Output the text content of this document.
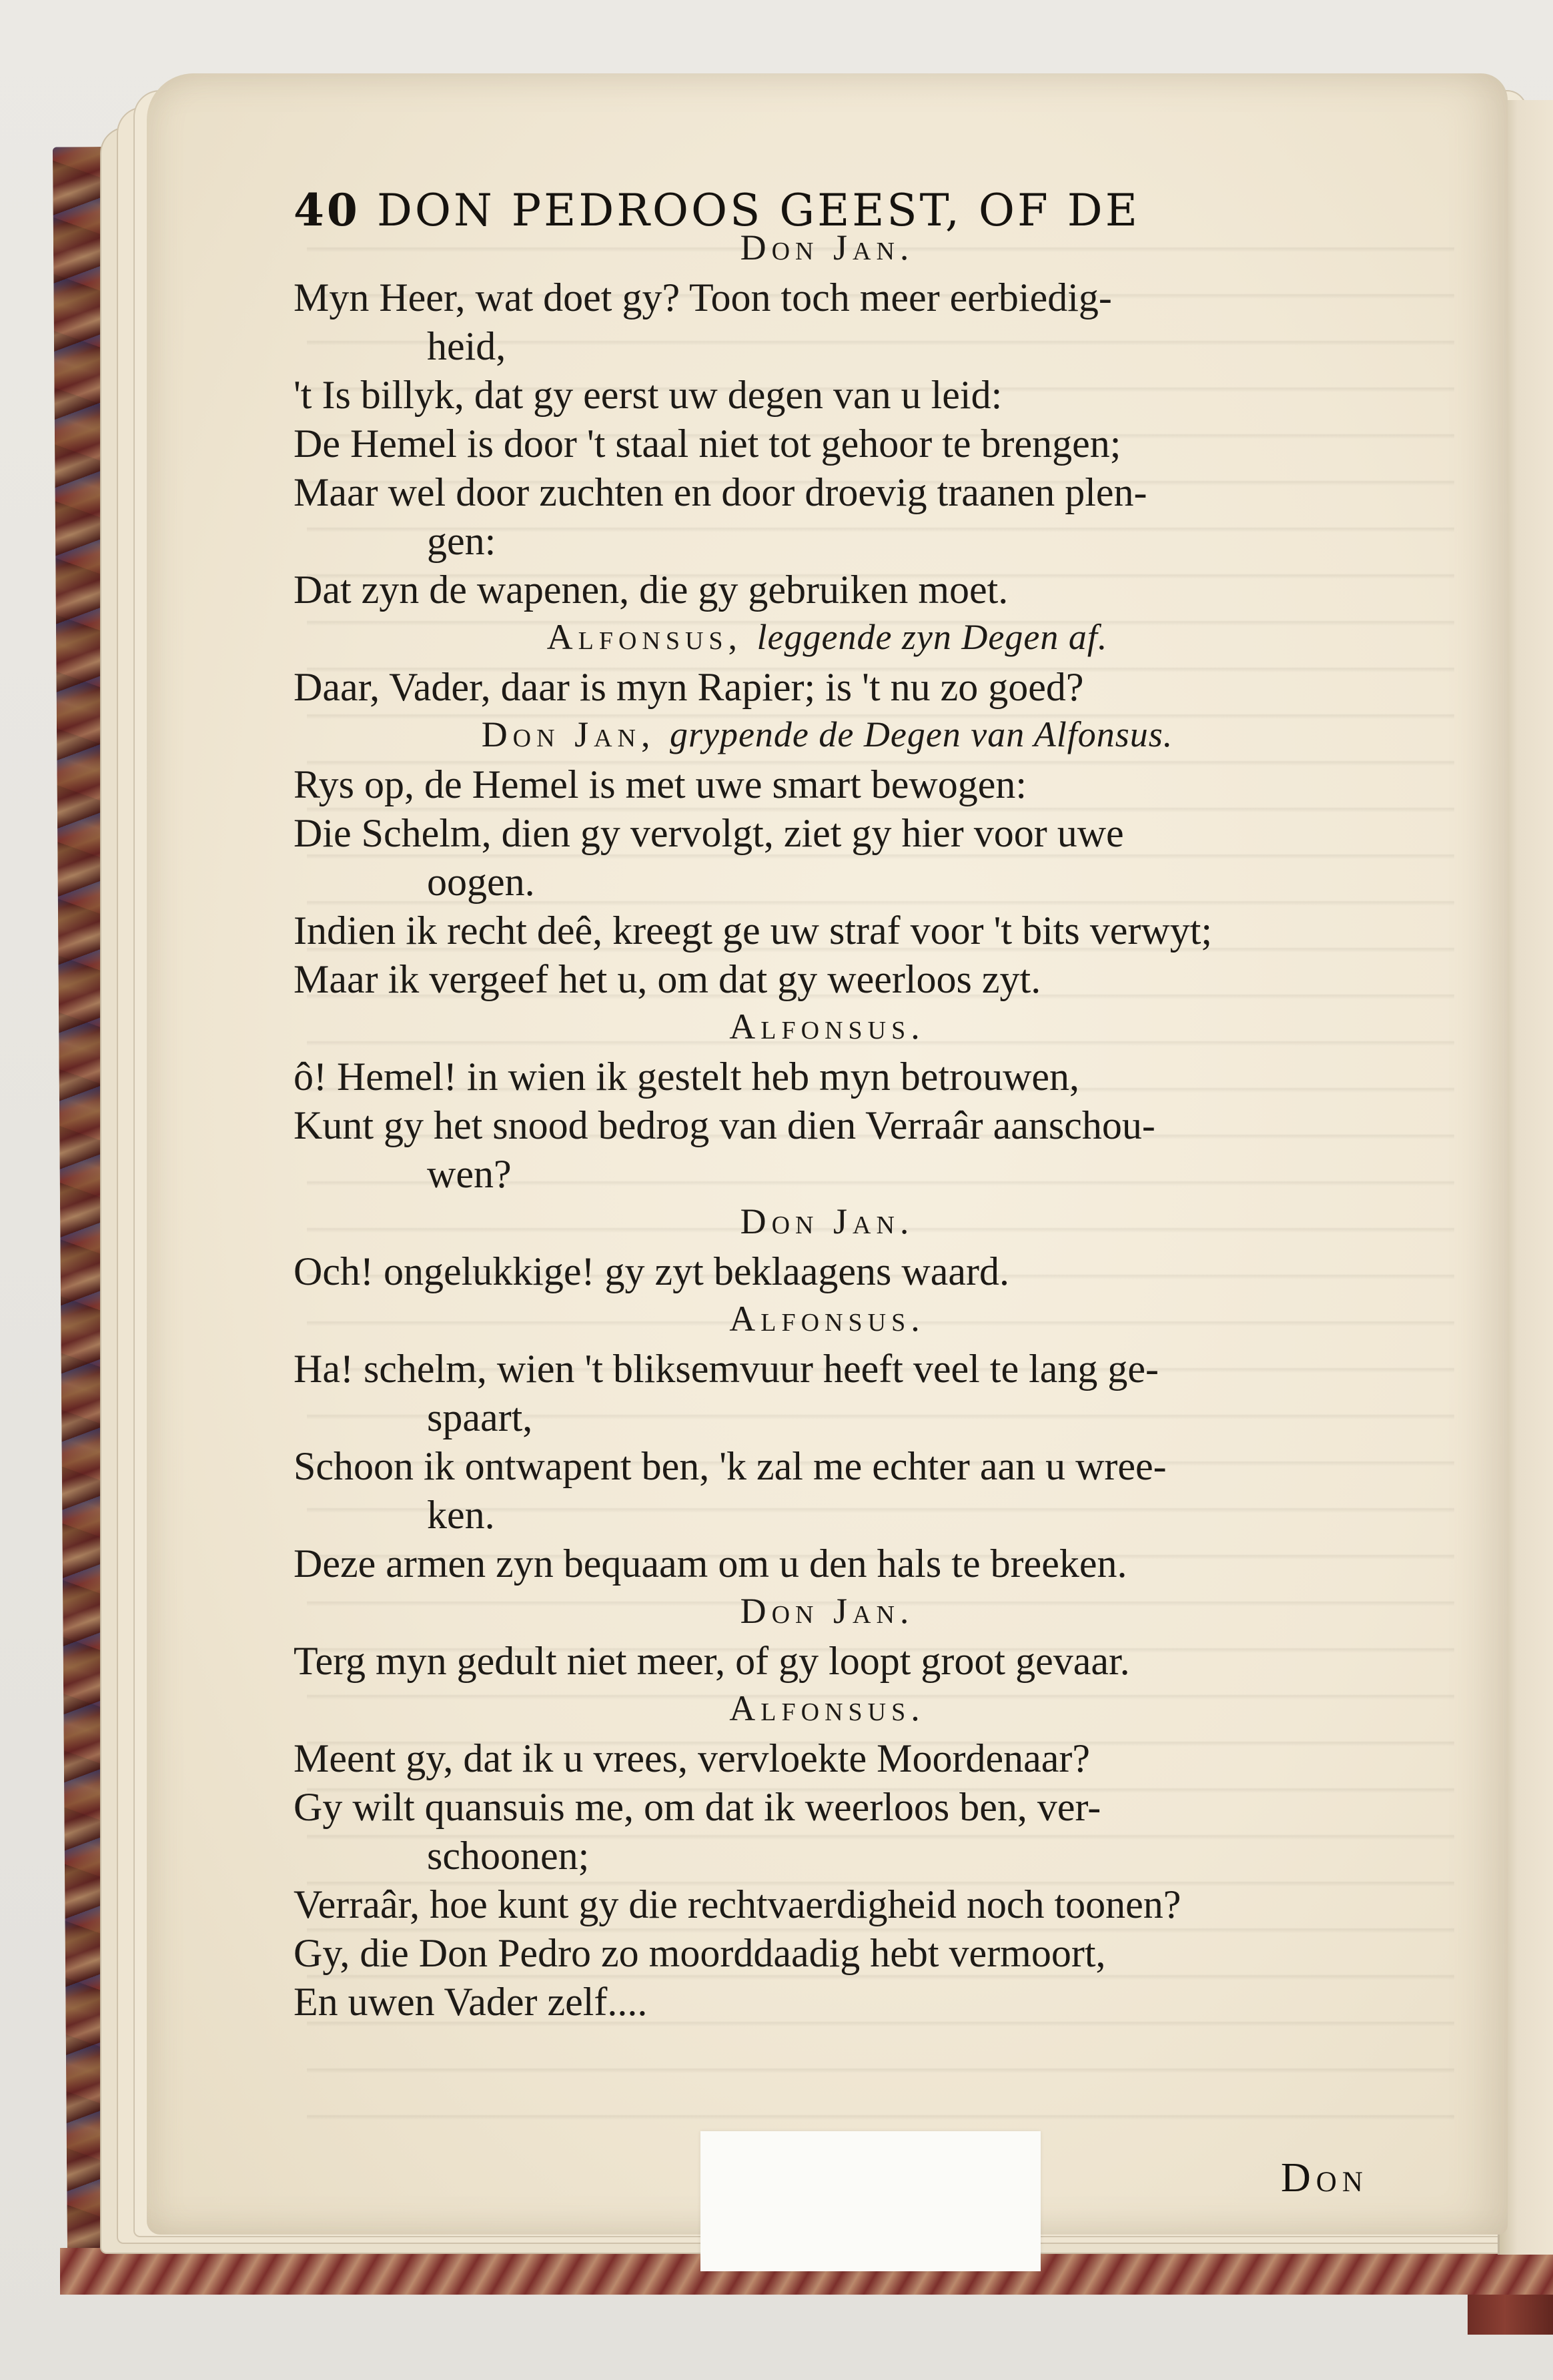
40 DON PEDROOS GEEST, OF DE
Don Jan.
Myn Heer, wat doet gy? Toon toch meer eerbiedig-
heid,
't Is billyk, dat gy eerst uw degen van u leid:
De Hemel is door 't staal niet tot gehoor te brengen;
Maar wel door zuchten en door droevig traanen plen-
gen:
Dat zyn de wapenen, die gy gebruiken moet.
Alfonsus, leggende zyn Degen af.
Daar, Vader, daar is myn Rapier; is 't nu zo goed?
Don Jan, grypende de Degen van Alfonsus.
Rys op, de Hemel is met uwe smart bewogen:
Die Schelm, dien gy vervolgt, ziet gy hier voor uwe
oogen.
Indien ik recht deê, kreegt ge uw straf voor 't bits verwyt;
Maar ik vergeef het u, om dat gy weerloos zyt.
Alfonsus.
ô! Hemel! in wien ik gestelt heb myn betrouwen,
Kunt gy het snood bedrog van dien Verraâr aanschou-
wen?
Don Jan.
Och! ongelukkige! gy zyt beklaagens waard.
Alfonsus.
Ha! schelm, wien 't bliksemvuur heeft veel te lang ge-
spaart,
Schoon ik ontwapent ben, 'k zal me echter aan u wree-
ken.
Deze armen zyn bequaam om u den hals te breeken.
Don Jan.
Terg myn gedult niet meer, of gy loopt groot gevaar.
Alfonsus.
Meent gy, dat ik u vrees, vervloekte Moordenaar?
Gy wilt quansuis me, om dat ik weerloos ben, ver-
schoonen;
Verraâr, hoe kunt gy die rechtvaerdigheid noch toonen?
Gy, die Don Pedro zo moorddaadig hebt vermoort,
En uwen Vader zelf....
Don
